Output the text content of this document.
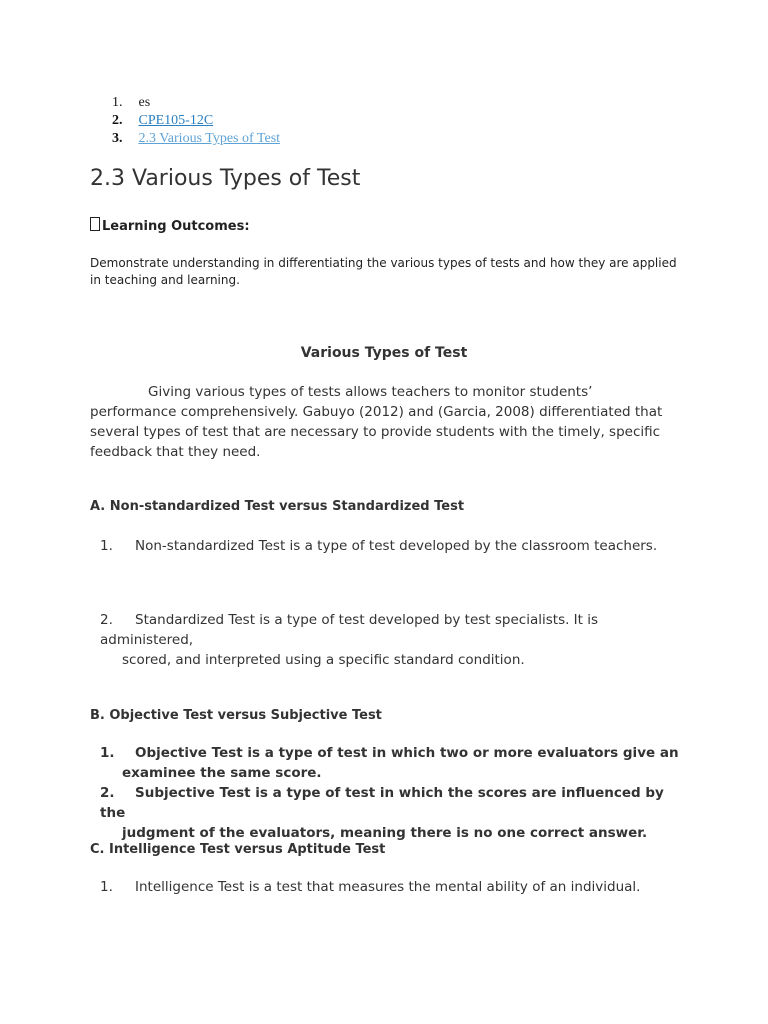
1. es
2. CPE105-12C
3. 2.3 Various Types of Test
2.3 Various Types of Test
Learning Outcomes:
Demonstrate understanding in differentiating the various types of tests and how they are applied in teaching and learning.
Various Types of Test
Giving various types of tests allows teachers to monitor students’ performance comprehensively. Gabuyo (2012) and (Garcia, 2008) differentiated that several types of test that are necessary to provide students with the timely, specific feedback that they need.
A. Non-standardized Test versus Standardized Test
1. Non-standardized Test is a type of test developed by the classroom teachers.
2. Standardized Test is a type of test developed by test specialists. It is administered,
scored, and interpreted using a specific standard condition.
B. Objective Test versus Subjective Test
1. Objective Test is a type of test in which two or more evaluators give an
examinee the same score.
2. Subjective Test is a type of test in which the scores are influenced by the
judgment of the evaluators, meaning there is no one correct answer.
C. Intelligence Test versus Aptitude Test
1. Intelligence Test is a test that measures the mental ability of an individual.
